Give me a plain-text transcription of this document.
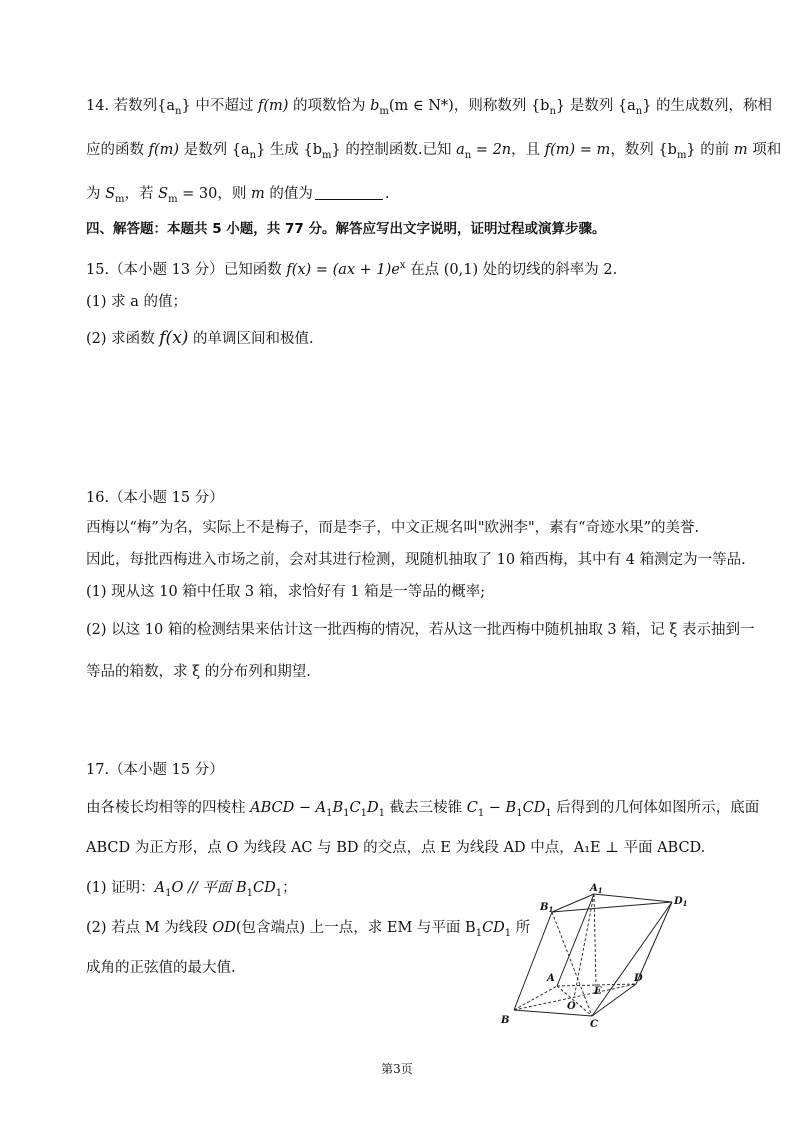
14. 若数列$\{a_n\}$ 中不超过 f(m) 的项数恰为 $b_m(m$ ∈ N*)，则称数列 $\{b_n\}$ 是数列 $\{a_n\}$ 的生成数列，称相
应的函数 f(m) 是数列 $\{a_n\}$ 生成 $\{b_m\}$ 的控制函数.已知 $a_n = 2n$，且 f(m) = m，数列 $\{b_m\}$ 的前 m 项和
为 $S_m$，若 $S_m = 30$，则 m 的值为	.
四、解答题：本题共 5 小题，共 77 分。解答应写出文字说明，证明过程或演算步骤。
15.（本小题 13 分）已知函数 $f(x) = (ax + 1)e^x$ 在点 (0,1) 处的切线的斜率为 2.
(1) 求 a 的值；
(2) 求函数 f(x) 的单调区间和极值.
16.（本小题 15 分）
西梅以“梅”为名，实际上不是梅子，而是李子，中文正规名叫"欧洲李"，素有“奇迹水果”的美誉.
因此，每批西梅进入市场之前，会对其进行检测，现随机抽取了 10 箱西梅，其中有 4 箱测定为一等品.
(1) 现从这 10 箱中任取 3 箱，求恰好有 1 箱是一等品的概率;
(2) 以这 10 箱的检测结果来估计这一批西梅的情况，若从这一批西梅中随机抽取 3 箱，记 ξ 表示抽到一
等品的箱数，求 ξ 的分布列和期望.
17.（本小题 15 分）
由各棱长均相等的四棱柱 ABCD − $A_1B_1C_1D_1$ 截去三棱锥 $C_1 - B_1CD_1$ 后得到的几何体如图所示，底面
ABCD 为正方形，点 O 为线段 AC 与 BD 的交点，点 E 为线段 AD 中点，A₁E ⊥ 平面 ABCD.
(1) 证明：$A_1O$ // 平面 $B_1CD_1$；
(2) 若点 M 为线段 OD(包含端点) 上一点，求 EM 与平面 $B_1CD_1$ 所
成角的正弦值的最大值.
$A_1$
$D_1$
$B_1$
A	D
E
O
B	C
第3页
